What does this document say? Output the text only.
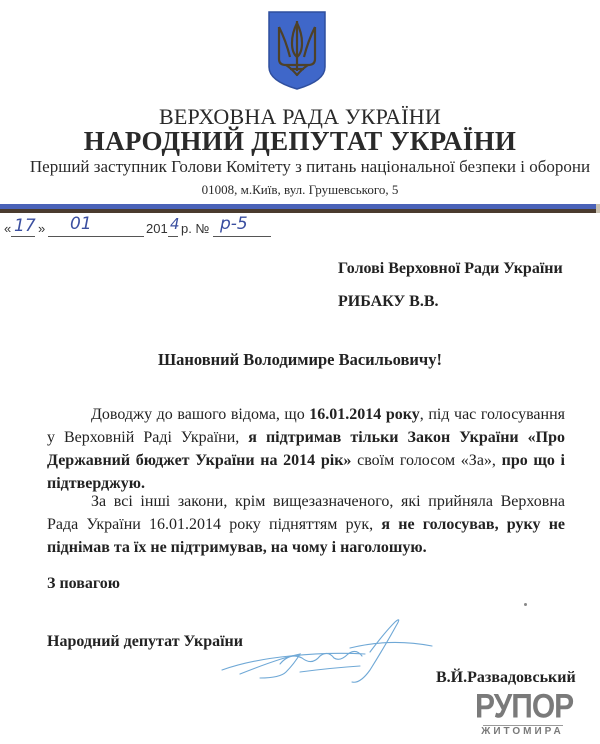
ВЕРХОВНА РАДА УКРАЇНИ
НАРОДНИЙ ДЕПУТАТ УКРАЇНИ
Перший заступник Голови Комітету з питань національної безпеки і оборони
01008, м.Київ, вул. Грушевського, 5
« 17 » 01	201 4 р. № р-5
Голові Верховної Ради України
РИБАКУ В.В.
Шановний Володимире Васильовичу!
Доводжу до вашого відома, що 16.01.2014 року, під час голосування у Верховній Раді України, я підтримав тільки Закон України «Про Державний бюджет України на 2014 рік» своїм голосом «За», про що і підтверджую.
За всі інші закони, крім вищезазначеного, які прийняла Верховна Рада України 16.01.2014 року підняттям рук, я не голосував, руку не піднімав та їх не підтримував, на чому і наголошую.
З повагою
Народний депутат України
В.Й.Развадовський
РУПОР
ЖИТОМИРА
